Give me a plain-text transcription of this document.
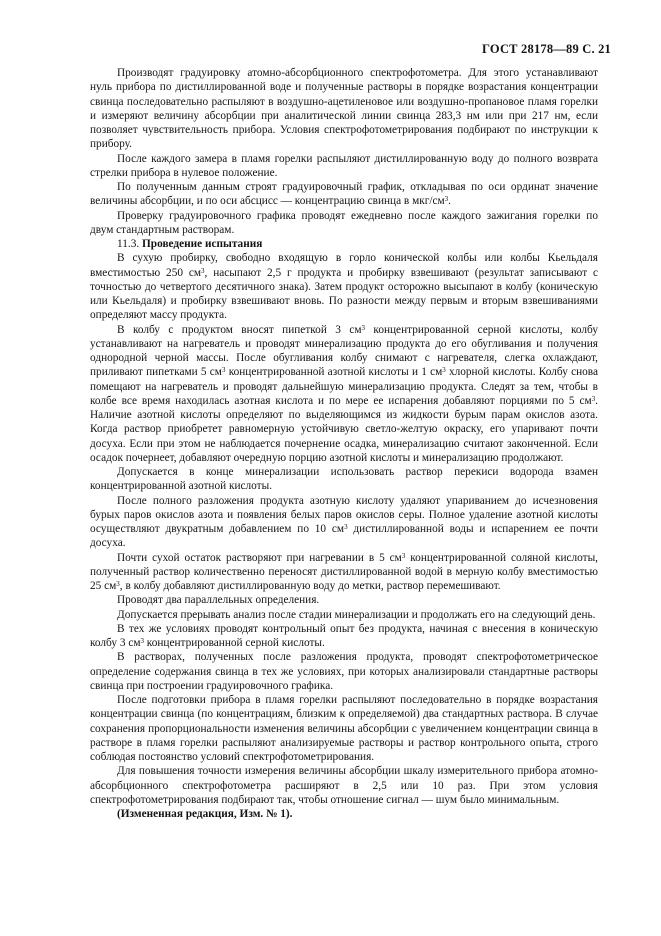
ГОСТ 28178—89 С. 21

Производят градуировку атомно-абсорбционного спектрофотометра. Для этого устанавливают нуль прибора по дистиллированной воде и полученные растворы в порядке возрастания концентрации свинца последовательно распыляют в воздушно-ацетиленовое или воздушно-пропановое пламя горелки и измеряют величину абсорбции при аналитической линии свинца 283,3 нм или при 217 нм, если позволяет чувствительность прибора. Условия спектрофотометрирования подбирают по инструкции к прибору.

После каждого замера в пламя горелки распыляют дистиллированную воду до полного возврата стрелки прибора в нулевое положение.

По полученным данным строят градуировочный график, откладывая по оси ординат значение величины абсорбции, и по оси абсцисс — концентрацию свинца в мкг/$см^3$.

Проверку градуировочного графика проводят ежедневно после каждого зажигания горелки по двум стандартным растворам.

11.3. Проведение испытания

В сухую пробирку, свободно входящую в горло конической колбы или колбы Кьельдаля вместимостью 250 $см^3$, насыпают 2,5 г продукта и пробирку взвешивают (результат записывают с точностью до четвертого десятичного знака). Затем продукт осторожно высыпают в колбу (коническую или Кьельдаля) и пробирку взвешивают вновь. По разности между первым и вторым взвешиваниями определяют массу продукта.

В колбу с продуктом вносят пипеткой 3 $см^3$ концентрированной серной кислоты, колбу устанавливают на нагреватель и проводят минерализацию продукта до его обугливания и получения однородной черной массы. После обугливания колбу снимают с нагревателя, слегка охлаждают, приливают пипетками 5 $см^3$ концентрированной азотной кислоты и 1 $см^3$ хлорной кислоты. Колбу снова помещают на нагреватель и проводят дальнейшую минерализацию продукта. Следят за тем, чтобы в колбе все время находилась азотная кислота и по мере ее испарения добавляют порциями по 5 $см^3$. Наличие азотной кислоты определяют по выделяющимся из жидкости бурым парам окислов азота. Когда раствор приобретет равномерную устойчивую светло-желтую окраску, его упаривают почти досуха. Если при этом не наблюдается почернение осадка, минерализацию считают законченной. Если осадок почернеет, добавляют очередную порцию азотной кислоты и минерализацию продолжают.

Допускается в конце минерализации использовать раствор перекиси водорода взамен концентрированной азотной кислоты.

После полного разложения продукта азотную кислоту удаляют упариванием до исчезновения бурых паров окислов азота и появления белых паров окислов серы. Полное удаление азотной кислоты осуществляют двукратным добавлением по 10 $см^3$ дистиллированной воды и испарением ее почти досуха.

Почти сухой остаток растворяют при нагревании в 5 $см^3$ концентрированной соляной кислоты, полученный раствор количественно переносят дистиллированной водой в мерную колбу вместимостью 25 $см^3$, в колбу добавляют дистиллированную воду до метки, раствор перемешивают.

Проводят два параллельных определения.

Допускается прерывать анализ после стадии минерализации и продолжать его на следующий день.

В тех же условиях проводят контрольный опыт без продукта, начиная с внесения в коническую колбу 3 $см^3$ концентрированной серной кислоты.

В растворах, полученных после разложения продукта, проводят спектрофотометрическое определение содержания свинца в тех же условиях, при которых анализировали стандартные растворы свинца при построении градуировочного графика.

После подготовки прибора в пламя горелки распыляют последовательно в порядке возрастания концентрации свинца (по концентрациям, близким к определяемой) два стандартных раствора. В случае сохранения пропорциональности изменения величины абсорбции с увеличением концентрации свинца в растворе в пламя горелки распыляют анализируемые растворы и раствор контрольного опыта, строго соблюдая постоянство условий спектрофотометрирования.

Для повышения точности измерения величины абсорбции шкалу измерительного прибора атомно-абсорбционного спектрофотометра расширяют в 2,5 или 10 раз. При этом условия спектрофотометрирования подбирают так, чтобы отношение сигнал — шум было минимальным.

(Измененная редакция, Изм. № 1).
